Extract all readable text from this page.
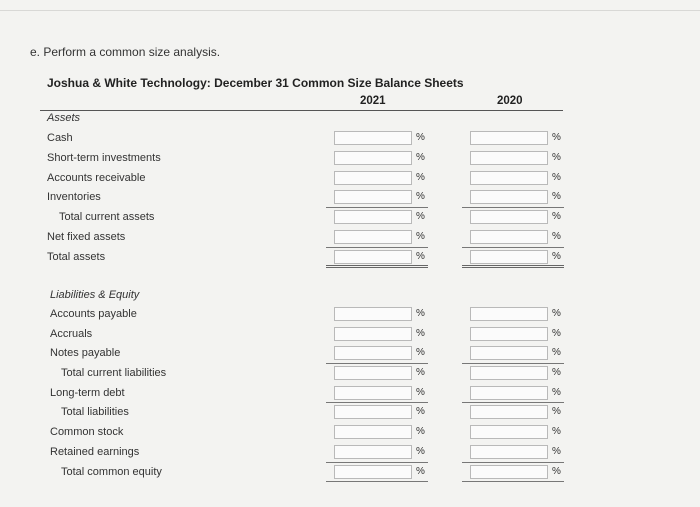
e. Perform a common size analysis.
Joshua & White Technology: December 31 Common Size Balance Sheets
2021	2020
Assets
Liabilities & Equity
Cash	%	%
Short-term investments	%	%
Accounts receivable	%	%
Inventories	%	%
Total current assets	%	%
Net fixed assets	%	%
Total assets	%	%
Accounts payable	%	%
Accruals	%	%
Notes payable	%	%
Total current liabilities	%	%
Long-term debt	%	%
Total liabilities	%	%
Common stock	%	%
Retained earnings	%	%
Total common equity	%	%
